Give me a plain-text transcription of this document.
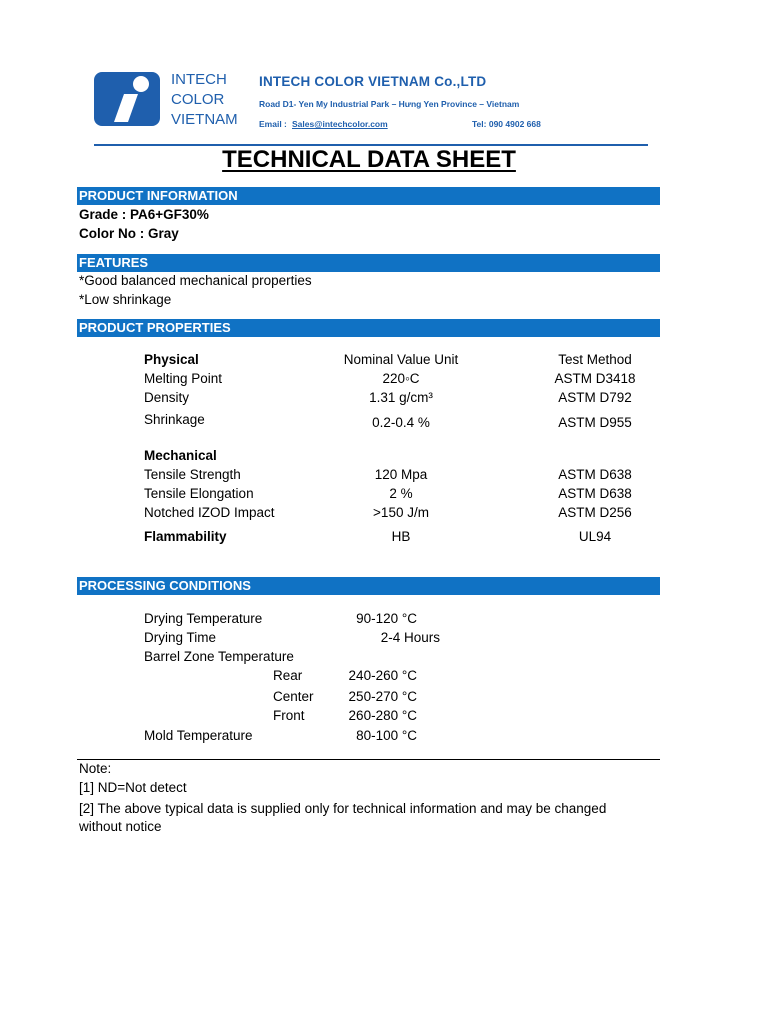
INTECH
COLOR
VIETNAM
INTECH COLOR VIETNAM Co.,LTD
Road D1- Yen My Industrial Park – Hưng Yen Province – Vietnam
Email : Sales@intechcolor.com	Tel: 090 4902 668
TECHNICAL DATA SHEET
PRODUCT INFORMATION
Grade : PA6+GF30%
Color No : Gray
FEATURES
*Good balanced mechanical properties
*Low shrinkage
PRODUCT PROPERTIES
Physical	Nominal Value Unit	Test Method
Melting Point	220◦C	ASTM D3418
Density	1.31 g/cm³	ASTM D792
Shrinkage	0.2-0.4 %	ASTM D955
Mechanical
Tensile Strength	120 Mpa	ASTM D638
Tensile Elongation	2 %	ASTM D638
Notched IZOD Impact	>150 J/m	ASTM D256
Flammability	HB	UL94
PROCESSING CONDITIONS
Drying Temperature	90-120 °C
Drying Time	2-4 Hours
Barrel Zone Temperature
Rear	240-260 °C
Center	250-270 °C
Front	260-280 °C
Mold Temperature	80-100 °C
Note:
[1] ND=Not detect
[2] The above typical data is supplied only for technical information and may be changed without notice
